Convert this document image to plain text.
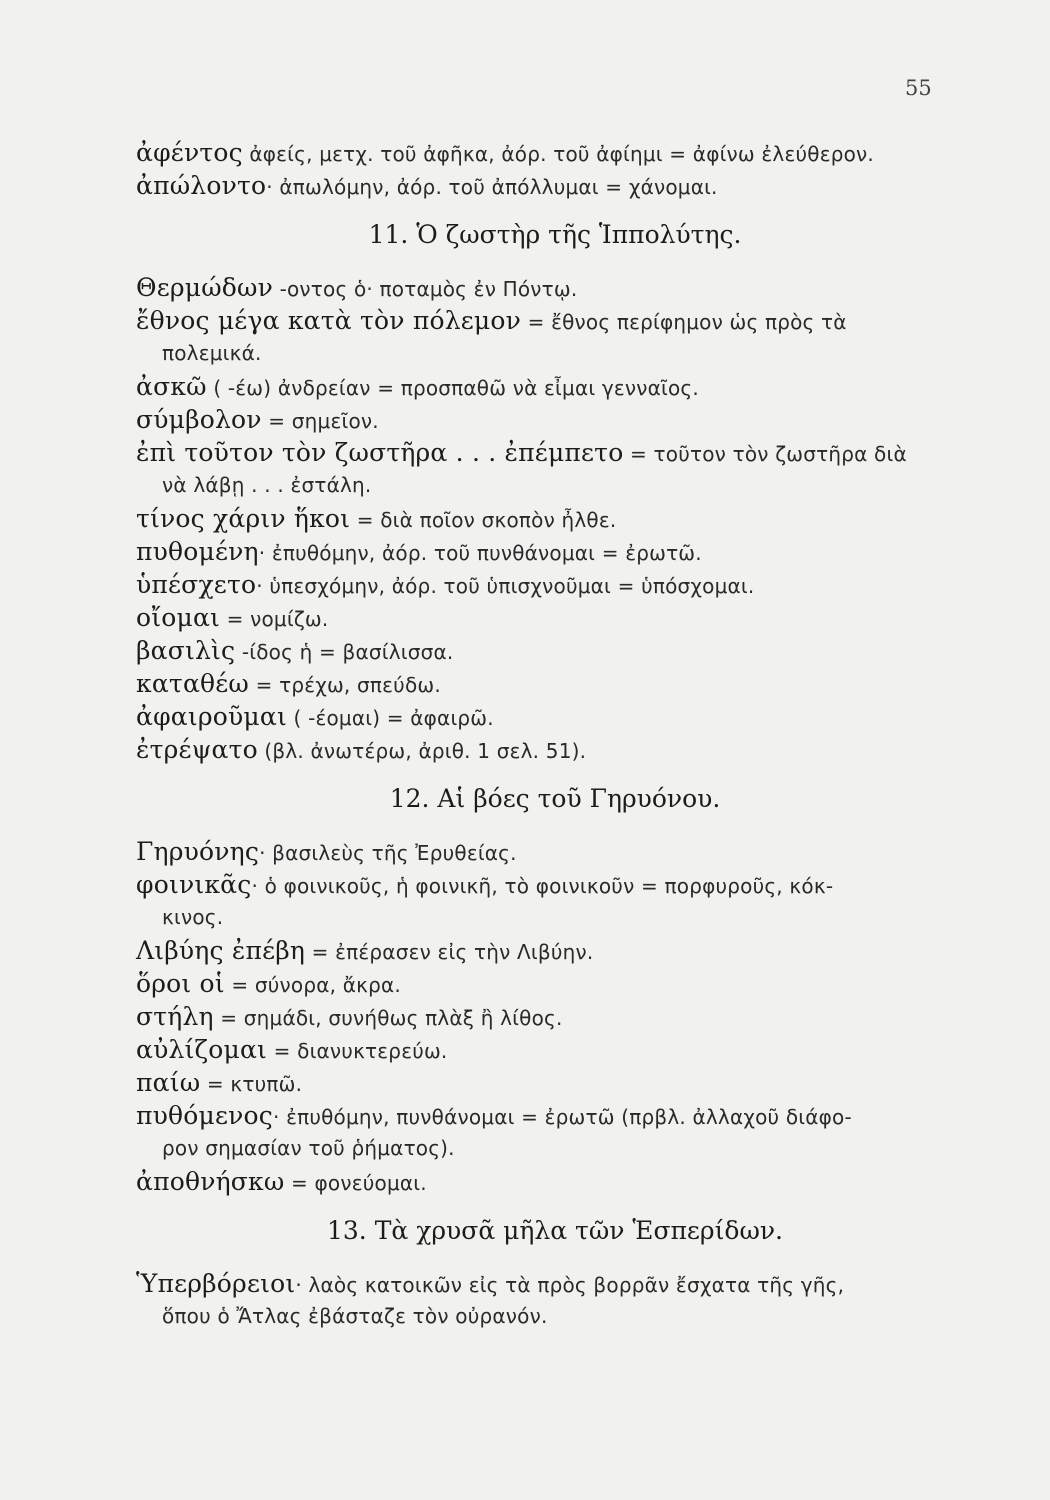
55
ἀφέντος ἀφείς, μετχ. τοῦ ἀφῆκα, ἀόρ. τοῦ ἀφίημι = ἀφίνω ἐλεύθερον.
ἀπώλοντο· ἀπωλόμην, ἀόρ. τοῦ ἀπόλλυμαι = χάνομαι.
11. Ὁ ζωστὴρ τῆς Ἱππολύτης.
Θερμώδων -οντος ὁ· ποταμὸς ἐν Πόντῳ.
ἔθνος μέγα κατὰ τὸν πόλεμον = ἔθνος περίφημον ὡς πρὸς τὰ
πολεμικά.
ἀσκῶ ( -έω) ἀνδρείαν = προσπαθῶ νὰ εἶμαι γενναῖος.
σύμβολον = σημεῖον.
ἐπὶ τοῦτον τὸν ζωστῆρα . . . ἐπέμπετο = τοῦτον τὸν ζωστῆρα διὰ
νὰ λάβῃ . . . ἐστάλη.
τίνος χάριν ἥκοι = διὰ ποῖον σκοπὸν ἦλθε.
πυθομένη· ἐπυθόμην, ἀόρ. τοῦ πυνθάνομαι = ἐρωτῶ.
ὑπέσχετο· ὑπεσχόμην, ἀόρ. τοῦ ὑπισχνοῦμαι = ὑπόσχομαι.
οἴομαι = νομίζω.
βασιλὶς -ίδος ἡ = βασίλισσα.
καταθέω = τρέχω, σπεύδω.
ἀφαιροῦμαι ( -έομαι) = ἀφαιρῶ.
ἐτρέψατο (βλ. ἀνωτέρω, ἀριθ. 1 σελ. 51).
12. Αἱ βόες τοῦ Γηρυόνου.
Γηρυόνης· βασιλεὺς τῆς Ἐρυθείας.
φοινικᾶς· ὁ φοινικοῦς, ἡ φοινικῆ, τὸ φοινικοῦν = πορφυροῦς, κόκ-
κινος.
Λιβύης ἐπέβη = ἐπέρασεν εἰς τὴν Λιβύην.
ὅροι οἱ = σύνορα, ἄκρα.
στήλη = σημάδι, συνήθως πλὰξ ἢ λίθος.
αὐλίζομαι = διανυκτερεύω.
παίω = κτυπῶ.
πυθόμενος· ἐπυθόμην, πυνθάνομαι = ἐρωτῶ (πρβλ. ἀλλαχοῦ διάφο-
ρον σημασίαν τοῦ ῥήματος).
ἀποθνήσκω = φονεύομαι.
13. Τὰ χρυσᾶ μῆλα τῶν Ἑσπερίδων.
Ὑπερβόρειοι· λαὸς κατοικῶν εἰς τὰ πρὸς βορρᾶν ἔσχατα τῆς γῆς,
ὅπου ὁ Ἄτλας ἐβάσταζε τὸν οὐρανόν.
